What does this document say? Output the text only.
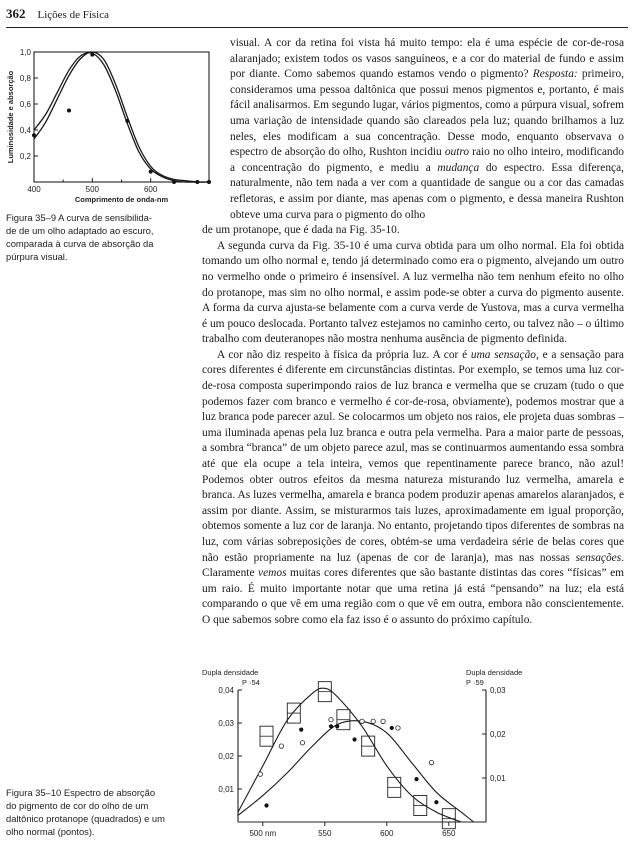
362 Lições de Física

visual. A cor da retina foi vista há muito tempo: ela é uma espécie de cor-de-rosa alaranjado; existem todos os vasos sanguíneos, e a cor do material de fundo e assim por diante. Como sabemos quando estamos vendo o pigmento? Resposta: primeiro, consideramos uma pessoa daltônica que possui menos pigmentos e, portanto, é mais fácil analisarmos. Em segundo lugar, vários pigmentos, como a púrpura visual, sofrem uma variação de intensidade quando são clareados pela luz; quando brilhamos a luz neles, eles modificam a sua concentração. Desse modo, enquanto observava o espectro de absorção do olho, Rushton incidiu outro raio no olho inteiro, modificando a concentração do pigmento, e mediu a mudança do espectro. Essa diferença, naturalmente, não tem nada a ver com a quantidade de sangue ou a cor das camadas refletoras, e assim por diante, mas apenas com o pigmento, e dessa maneira Rushton obteve uma curva para o pigmento do olho

de um protanope, que é dada na Fig. 35-10.

A segunda curva da Fig. 35-10 é uma curva obtida para um olho normal. Ela foi obtida tomando um olho normal e, tendo já determinado como era o pigmento, alvejando um outro no vermelho onde o primeiro é insensível. A luz vermelha não tem nenhum efeito no olho do protanope, mas sim no olho normal, e assim pode-se obter a curva do pigmento ausente. A forma da curva ajusta-se belamente com a curva verde de Yustova, mas a curva vermelha é um pouco deslocada. Portanto talvez estejamos no caminho certo, ou talvez não – o último trabalho com deuteranopes não mostra nenhuma ausência de pigmento definida.

A cor não diz respeito à física da própria luz. A cor é uma sensação, e a sensação para cores diferentes é diferente em circunstâncias distintas. Por exemplo, se temos uma luz cor-de-rosa composta superimpondo raios de luz branca e vermelha que se cruzam (tudo o que podemos fazer com branco e vermelho é cor-de-rosa, obviamente), podemos mostrar que a luz branca pode parecer azul. Se colocarmos um objeto nos raios, ele projeta duas sombras – uma iluminada apenas pela luz branca e outra pela vermelha. Para a maior parte de pessoas, a sombra “branca” de um objeto parece azul, mas se continuarmos aumentando essa sombra até que ela ocupe a tela inteira, vemos que repentinamente parece branco, não azul! Podemos obter outros efeitos da mesma natureza misturando luz vermelha, amarela e branca. As luzes vermelha, amarela e branca podem produzir apenas amarelos alaranjados, e assim por diante. Assim, se misturarmos tais luzes, aproximadamente em igual proporção, obtemos somente a luz cor de laranja. No entanto, projetando tipos diferentes de sombras na luz, com várias sobreposições de cores, obtém-se uma verdadeira série de belas cores que não estão propriamente na luz (apenas de cor de laranja), mas nas nossas sensações. Claramente vemos muitas cores diferentes que são bastante distintas das cores “físicas” em um raio. É muito importante notar que uma retina já está “pensando” na luz; ela está comparando o que vê em uma região com o que vê em outra, embora não conscientemente. O que sabemos sobre como ela faz isso é o assunto do próximo capítulo.

400	500	600
0,2
0,4
0,6
0,8
1,0
Comprimento de onda-nm
Luminosidade e absorção
Figura 35–9 A curva de sensibilida-
de de um olho adaptado ao escuro,
comparada à curva de absorção da
púrpura visual.
500 nm	550	600	650
0,01
0,02
0,03
0,04
0,01
0,02
0,03
Dupla densidade
P ·54
Dupla densidade
P ·59
Figura 35–10 Espectro de absorção
do pigmento de cor do olho de um
daltônico protanope (quadrados) e um
olho normal (pontos).
